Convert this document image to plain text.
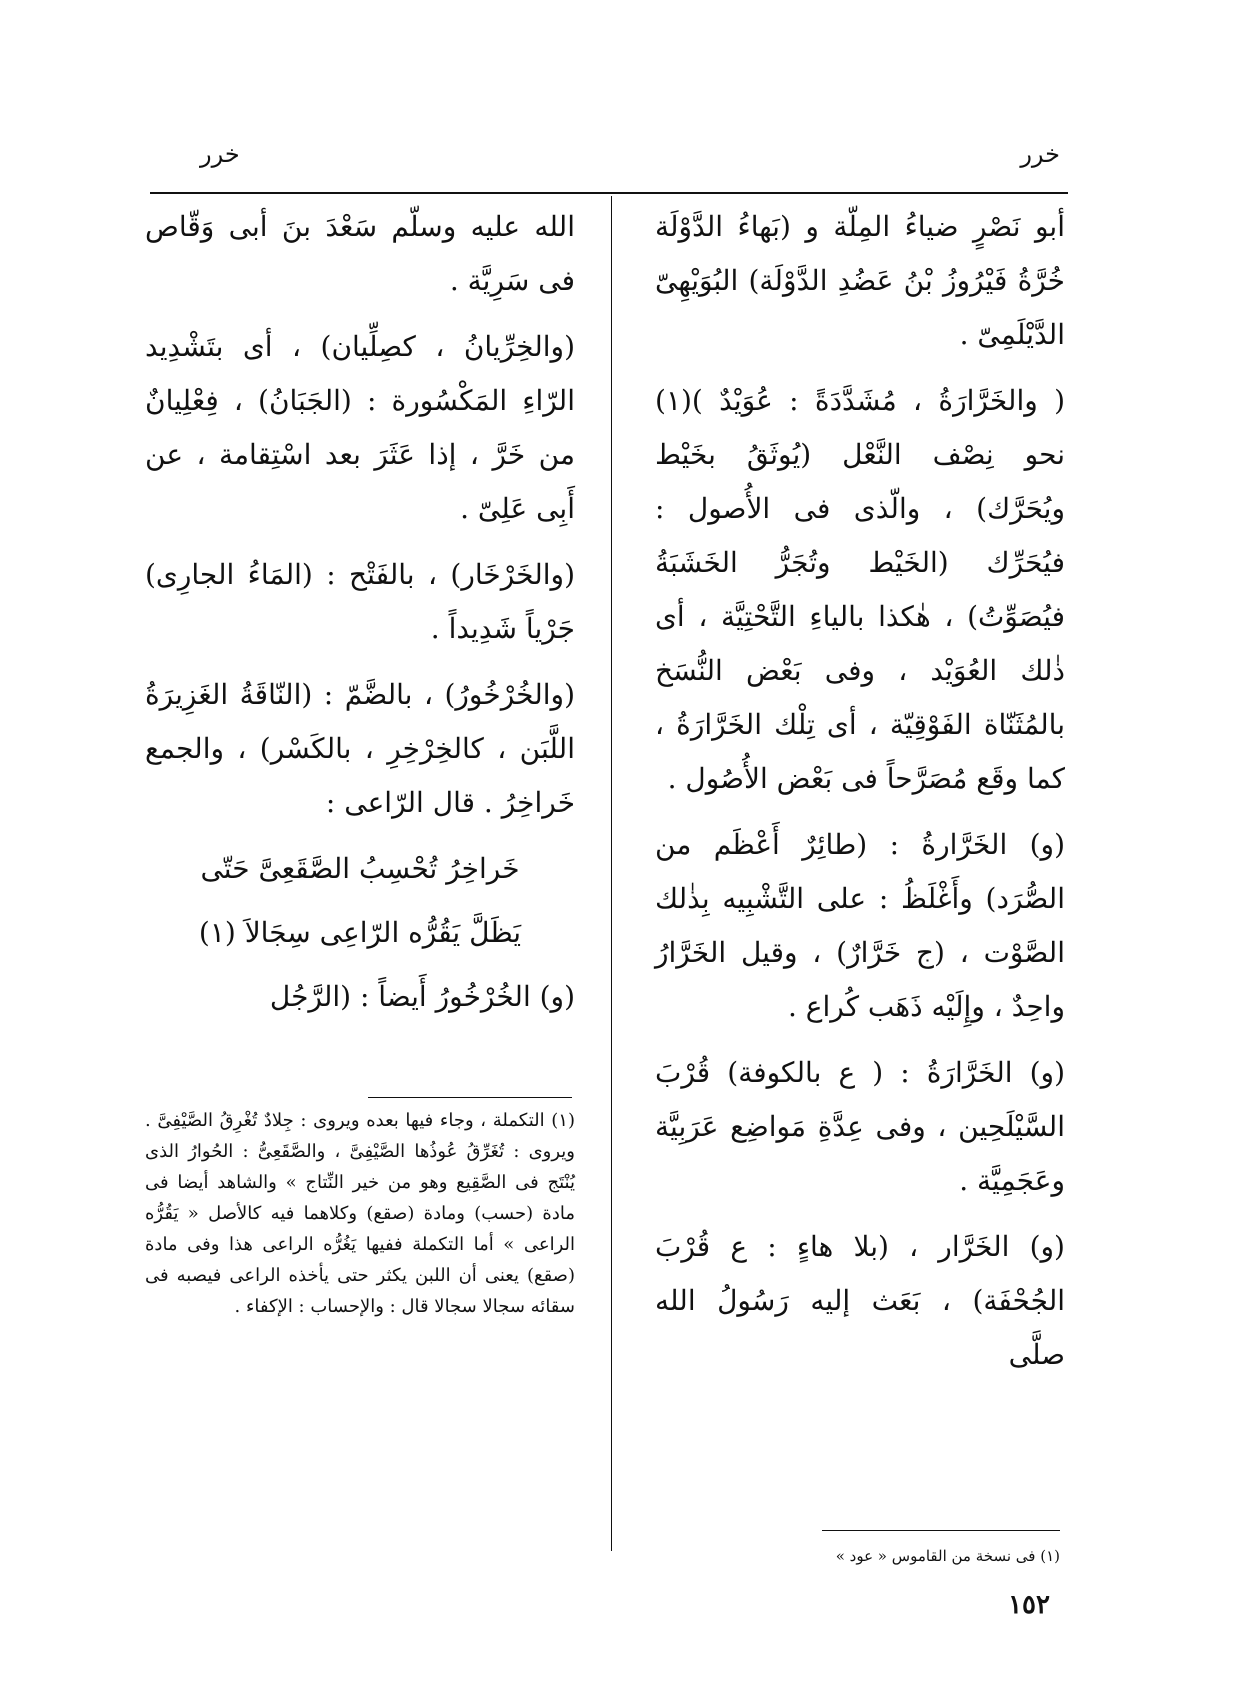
خرر
خرر

أبو نَصْرٍ ضياءُ المِلّة و (بَهاءُ الدَّوْلَة خُرَّةُ فَيْرُوزُ بْنُ عَضُدِ الدَّوْلَة) البُوَيْهِىّ الدَّيْلَمِىّ .

( والخَرَّارَةُ ، مُشَدَّدَةً : عُوَيْدٌ )(١) نحو نِصْف النَّعْل (يُوثَقُ بخَيْط ويُحَرَّك) ، والّذى فى الأُصول : فيُحَرِّك (الخَيْط وتُجَرُّ الخَشَبَةُ فيُصَوِّتُ) ، هٰكذا بالياءِ التَّحْتِيَّة ، أى ذٰلك العُوَيْد ، وفى بَعْض النُّسَخ بالمُثَنّاة الفَوْقِيّة ، أى تِلْك الخَرَّارَةُ ، كما وقَع مُصَرَّحاً فى بَعْض الأُصُول .

(و) الخَرَّارةُ : (طائِرٌ أَعْظَم من الصُّرَد) وأَغْلَظُ : على التَّشْبِيه بِذٰلك الصَّوْت ، (ج خَرَّارٌ) ، وقيل الخَرَّارُ واحِدٌ ، وإِلَيْه ذَهَب كُراع .

(و) الخَرَّارَةُ : ( ع بالكوفة) قُرْبَ السَّيْلَحِين ، وفى عِدَّةِ مَواضِع عَرَبِيَّة وعَجَمِيَّة .

(و) الخَرَّار ، (بلا هاءٍ : ع قُرْبَ الجُحْفَة) ، بَعَث إليه رَسُولُ الله صلَّى

الله عليه وسلّم سَعْدَ بنَ أبى وَقّاص فى سَرِيَّة .

(والخِرِّيانُ ، كصِلِّيان) ، أى بتَشْدِيد الرّاءِ المَكْسُورة : (الجَبَانُ) ، فِعْلِيانٌ من خَرَّ ، إذا عَثَرَ بعد اسْتِقامة ، عن أَبِى عَلِىّ .

(والخَرْخَار) ، بالفَتْح : (المَاءُ الجارِى) جَرْياً شَدِيداً .

(والخُرْخُورُ) ، بالضَّمّ : (النّاقَةُ الغَزِيرَةُ اللَّبَن ، كالخِرْخِرِ ، بالكَسْر) ، والجمع خَراخِرُ . قال الرّاعى :

خَراخِرُ تُحْسِبُ الصَّقَعِىَّ حَتّى

يَظَلَّ يَقُرُّه الرّاعِى سِجَالاَ (١)

(و) الخُرْخُورُ أَيضاً : (الرَّجُل

(١) التكملة ، وجاء فيها بعده ويروى : جِلادٌ تُغْرِقُ الصَّيْفِىَّ . ويروى : تُغَرِّقُ عُوذُها الصَّيْفِىَّ ، والصَّقَعِىُّ : الحُوارُ الذى يُنْتَج فى الصَّقِيع وهو من خير النِّتاج » والشاهد أيضا فى مادة (حسب) ومادة (صقع) وكلاهما فيه كالأصل « يَقُرُّه الراعى » أما التكملة ففيها يَغُرُّه الراعى هذا وفى مادة (صقع) يعنى أن اللبن يكثر حتى يأخذه الراعى فيصبه فى سقائه سجالا سجالا قال : والإحساب : الإكفاء .
(١) فى نسخة من القاموس « عود »
١٥٢
